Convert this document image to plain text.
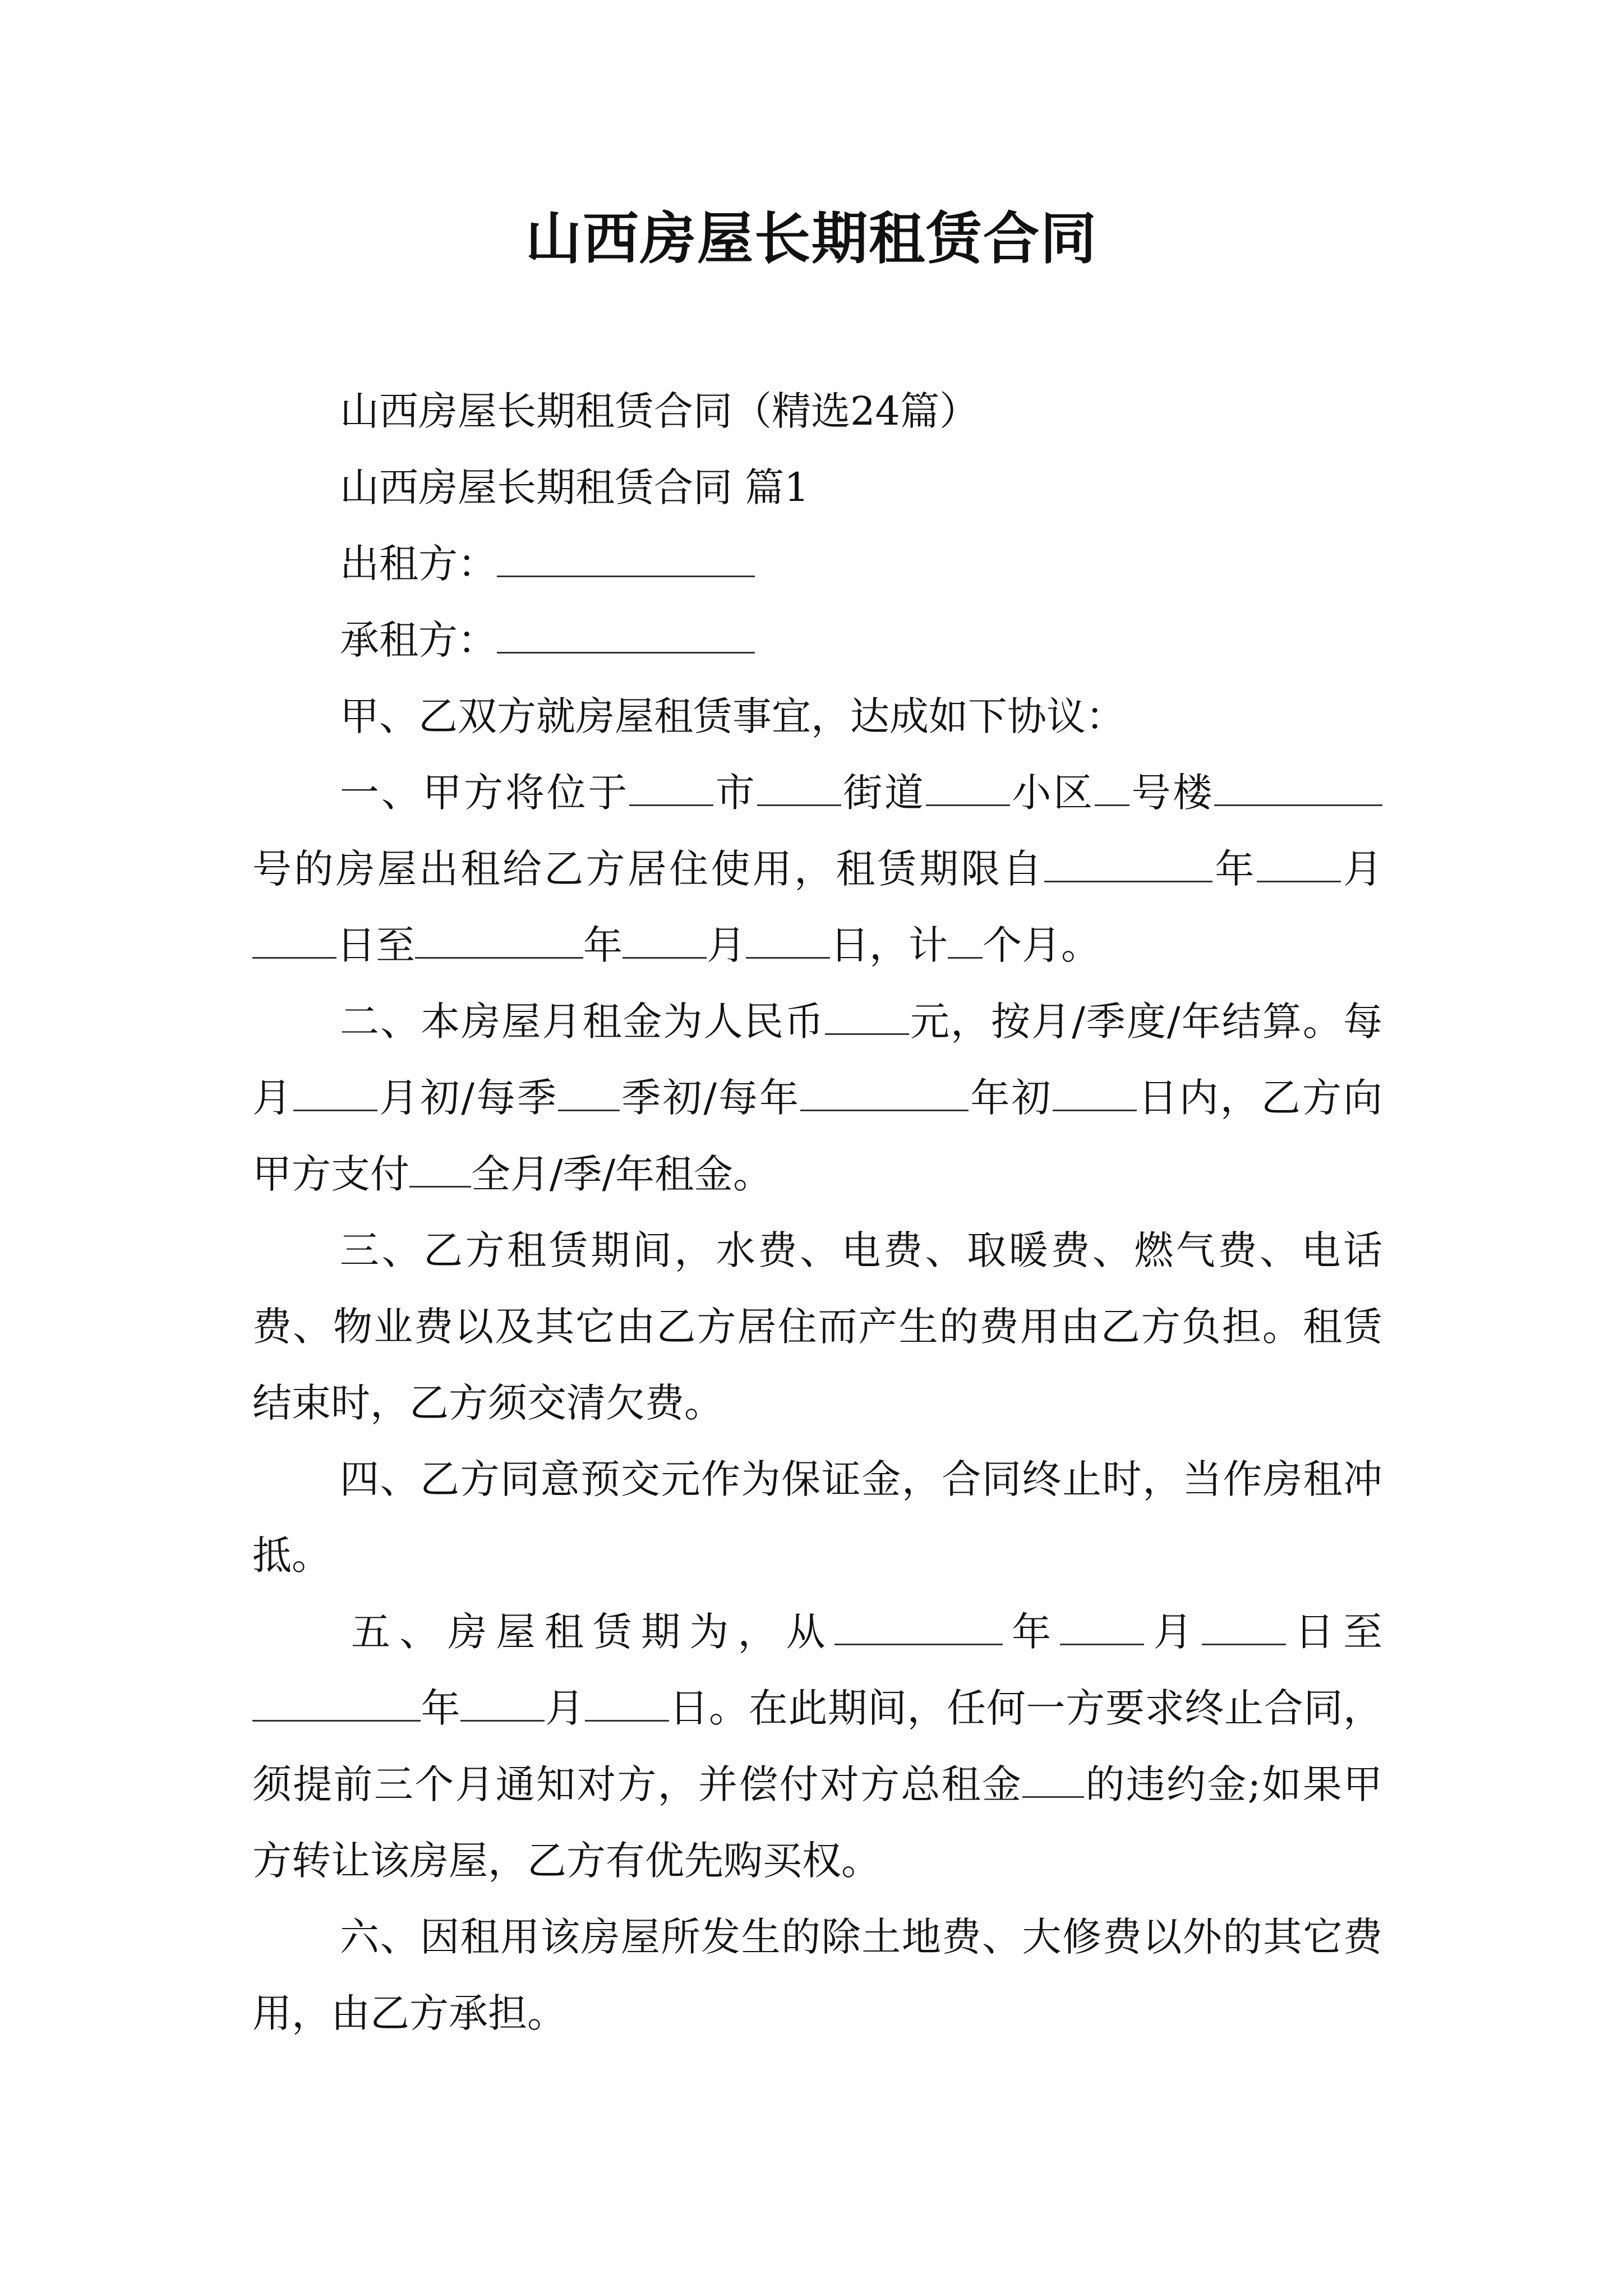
山西房屋长期租赁合同

山西房屋长期租赁合同（精选24篇）

山西房屋长期租赁合同 篇1

出租方：

承租方：

甲、乙双方就房屋租赁事宜，达成如下协议：

一、甲方将位于 市 街道 小区 号楼号的房屋出租给乙方居住使用，租赁期限自	年 月日至	年 月 日，计 个月。

二、本房屋月租金为人民币 元，按月/季度/年结算。每月 月初/每季 季初/每年	年初 日内，乙方向甲方支付 全月/季/年租金。

三、乙方租赁期间，水费、电费、取暖费、燃气费、电话费、物业费以及其它由乙方居住而产生的费用由乙方负担。租赁结束时，乙方须交清欠费。

四、乙方同意预交元作为保证金，合同终止时，当作房租冲抵。

五、房屋租赁期为，从	年 月 日至年 月 日。在此期间，任何一方要求终止合同，须提前三个月通知对方，并偿付对方总租金 的违约金;如果甲方转让该房屋，乙方有优先购买权。

六、因租用该房屋所发生的除土地费、大修费以外的其它费用，由乙方承担。
